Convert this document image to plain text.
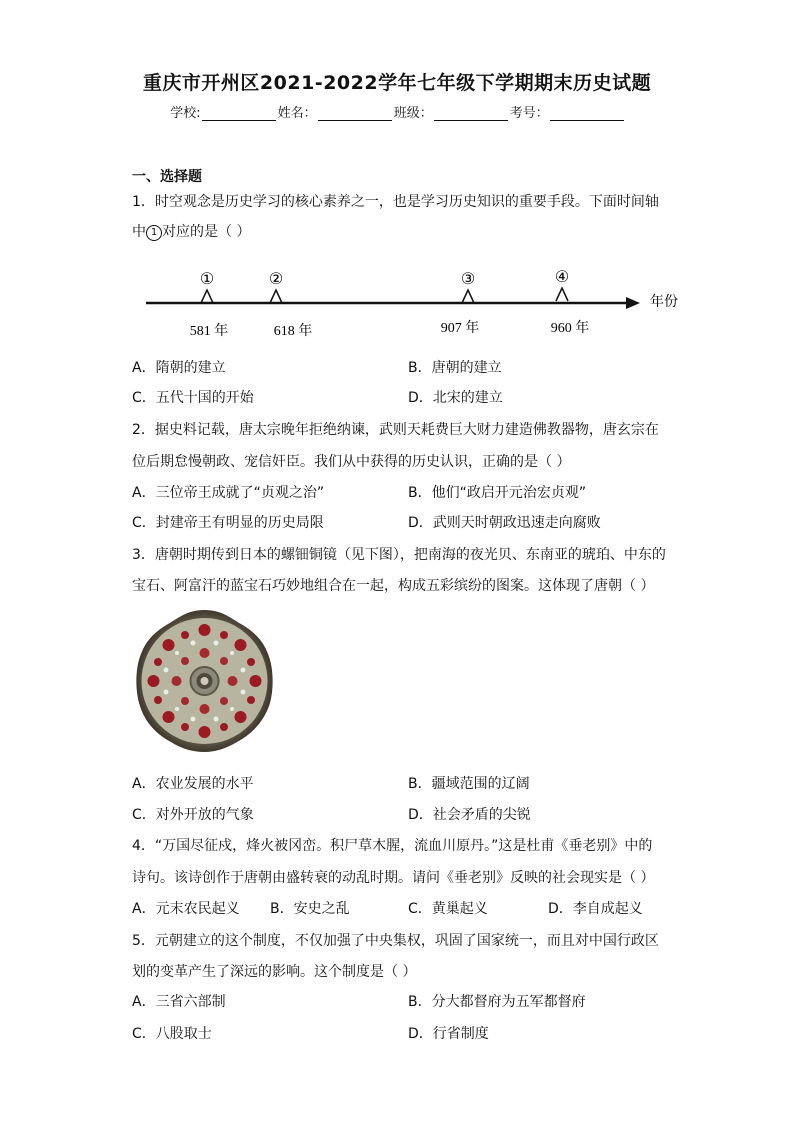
重庆市开州区2021-2022学年七年级下学期期末历史试题
学校:	姓名：	班级：	考号：
一、选择题
1．时空观念是历史学习的核心素养之一，也是学习历史知识的重要手段。下面时间轴
中 1 对应的是（ ）
年份
①
581 年
②
618 年
③
907 年
④
960 年
A．隋朝的建立	B．唐朝的建立
C．五代十国的开始	D．北宋的建立
2．据史料记载，唐太宗晚年拒绝纳谏，武则天耗费巨大财力建造佛教器物，唐玄宗在
位后期怠慢朝政、宠信奸臣。我们从中获得的历史认识，正确的是（ ）
A．三位帝王成就了“贞观之治”	B．他们“政启开元治宏贞观”
C．封建帝王有明显的历史局限	D．武则天时朝政迅速走向腐败
3．唐朝时期传到日本的螺钿铜镜（见下图），把南海的夜光贝、东南亚的琥珀、中东的
宝石、阿富汗的蓝宝石巧妙地组合在一起，构成五彩缤纷的图案。这体现了唐朝（ ）
A．农业发展的水平	B．疆域范围的辽阔
C．对外开放的气象	D．社会矛盾的尖锐
4．“万国尽征戍，烽火被冈峦。积尸草木腥，流血川原丹。”这是杜甫《垂老别》中的
诗句。该诗创作于唐朝由盛转衰的动乱时期。请问《垂老别》反映的社会现实是（ ）
A．元末农民起义 B．安史之乱	C．黄巢起义	D．李自成起义
5．元朝建立的这个制度，不仅加强了中央集权，巩固了国家统一，而且对中国行政区
划的变革产生了深远的影响。这个制度是（ ）
A．三省六部制	B．分大都督府为五军都督府
C．八股取士	D．行省制度
